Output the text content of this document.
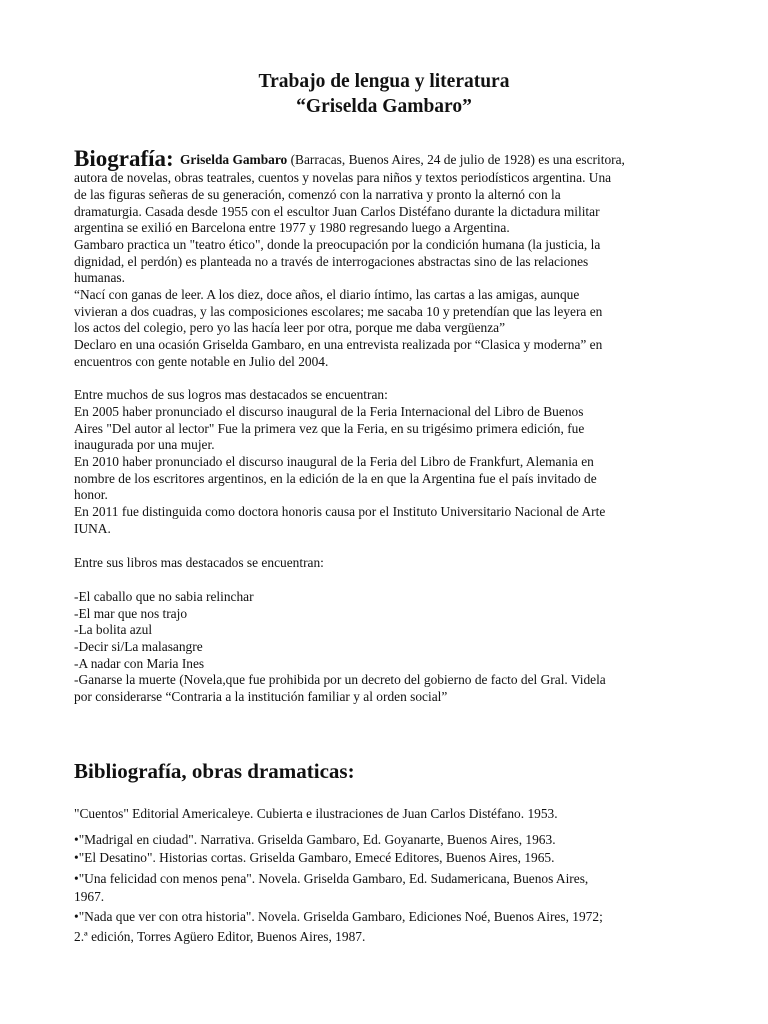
Trabajo de lengua y literatura
“Griselda Gambaro”
Biografía: Griselda Gambaro (Barracas, Buenos Aires, 24 de julio de 1928) es una escritora,
autora de novelas, obras teatrales, cuentos y novelas para niños y textos periodísticos argentina. Una
de las figuras señeras de su generación, comenzó con la narrativa y pronto la alternó con la
dramaturgia. Casada desde 1955 con el escultor Juan Carlos Distéfano durante la dictadura militar
argentina se exilió en Barcelona entre 1977 y 1980 regresando luego a Argentina.
Gambaro practica un "teatro ético", donde la preocupación por la condición humana (la justicia, la
dignidad, el perdón) es planteada no a través de interrogaciones abstractas sino de las relaciones
humanas.
“Nací con ganas de leer. A los diez, doce años, el diario íntimo, las cartas a las amigas, aunque
vivieran a dos cuadras, y las composiciones escolares; me sacaba 10 y pretendían que las leyera en
los actos del colegio, pero yo las hacía leer por otra, porque me daba vergüenza”
Declaro en una ocasión Griselda Gambaro, en una entrevista realizada por “Clasica y moderna” en
encuentros con gente notable en Julio del 2004.
Entre muchos de sus logros mas destacados se encuentran:
En 2005 haber pronunciado el discurso inaugural de la Feria Internacional del Libro de Buenos
Aires "Del autor al lector" Fue la primera vez que la Feria, en su trigésimo primera edición, fue
inaugurada por una mujer.
En 2010 haber pronunciado el discurso inaugural de la Feria del Libro de Frankfurt, Alemania en
nombre de los escritores argentinos, en la edición de la en que la Argentina fue el país invitado de
honor.
En 2011 fue distinguida como doctora honoris causa por el Instituto Universitario Nacional de Arte
IUNA.
Entre sus libros mas destacados se encuentran:
-El caballo que no sabia relinchar
-El mar que nos trajo
-La bolita azul
-Decir si/La malasangre
-A nadar con Maria Ines
-Ganarse la muerte (Novela,que fue prohibida por un decreto del gobierno de facto del Gral. Videla
por considerarse “Contraria a la institución familiar y al orden social”
Bibliografía, obras dramaticas:
"Cuentos" Editorial Americaleye. Cubierta e ilustraciones de Juan Carlos Distéfano. 1953.
•"Madrigal en ciudad". Narrativa. Griselda Gambaro, Ed. Goyanarte, Buenos Aires, 1963.
•"El Desatino". Historias cortas. Griselda Gambaro, Emecé Editores, Buenos Aires, 1965.
•"Una felicidad con menos pena". Novela. Griselda Gambaro, Ed. Sudamericana, Buenos Aires,
1967.
•"Nada que ver con otra historia". Novela. Griselda Gambaro, Ediciones Noé, Buenos Aires, 1972;
2.ª edición, Torres Agüero Editor, Buenos Aires, 1987.
